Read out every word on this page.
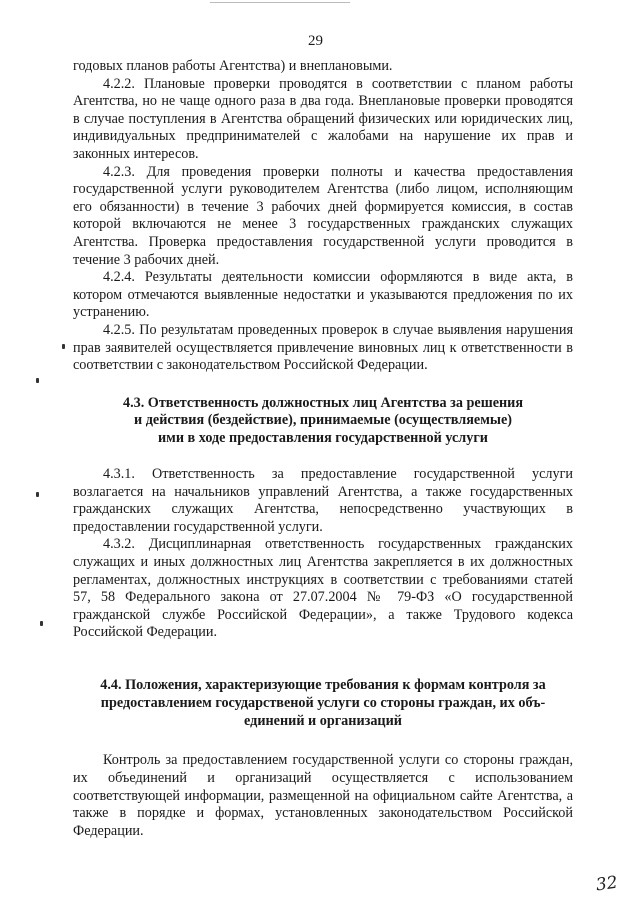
29

годовых планов работы Агентства) и внеплановыми.

4.2.2. Плановые проверки проводятся в соответствии с планом работы Агентства, но не чаще одного раза в два года. Внеплановые проверки проводятся в случае поступления в Агентства обращений физических или юридических лиц, индивидуальных предпринимателей с жалобами на нарушение их прав и законных интересов.

4.2.3. Для проведения проверки полноты и качества предоставления государственной услуги руководителем Агентства (либо лицом, исполняющим его обязанности) в течение 3 рабочих дней формируется комиссия, в состав которой включаются не менее 3 государственных гражданских служащих Агентства. Проверка предоставления государственной услуги проводится в течение 3 рабочих дней.

4.2.4. Результаты деятельности комиссии оформляются в виде акта, в котором отмечаются выявленные недостатки и указываются предложения по их устранению.

4.2.5. По результатам проведенных проверок в случае выявления нарушения прав заявителей осуществляется привлечение виновных лиц к ответственности в соответствии с законодательством Российской Федерации.

4.3. Ответственность должностных лиц Агентства за решения
и действия (бездействие), принимаемые (осуществляемые)
ими в ходе предоставления государственной услуги

4.3.1. Ответственность за предоставление государственной услуги возлагается на начальников управлений Агентства, а также государственных гражданских служащих Агентства, непосредственно участвующих в предоставлении государственной услуги.

4.3.2. Дисциплинарная ответственность государственных гражданских служащих и иных должностных лиц Агентства закрепляется в их должностных регламентах, должностных инструкциях в соответствии с требованиями статей 57, 58 Федерального закона от 27.07.2004 № 79-ФЗ «О государственной гражданской службе Российской Федерации», а также Трудового кодекса Российской Федерации.

4.4. Положения, характеризующие требования к формам контроля за
предоставлением государственой услуги со стороны граждан, их объ-
единений и организаций

Контроль за предоставлением государственной услуги со стороны граждан, их объединений и организаций осуществляется с использованием соответствующей информации, размещенной на официальном сайте Агентства, а также в порядке и формах, установленных законодательством Российской Федерации.

32
